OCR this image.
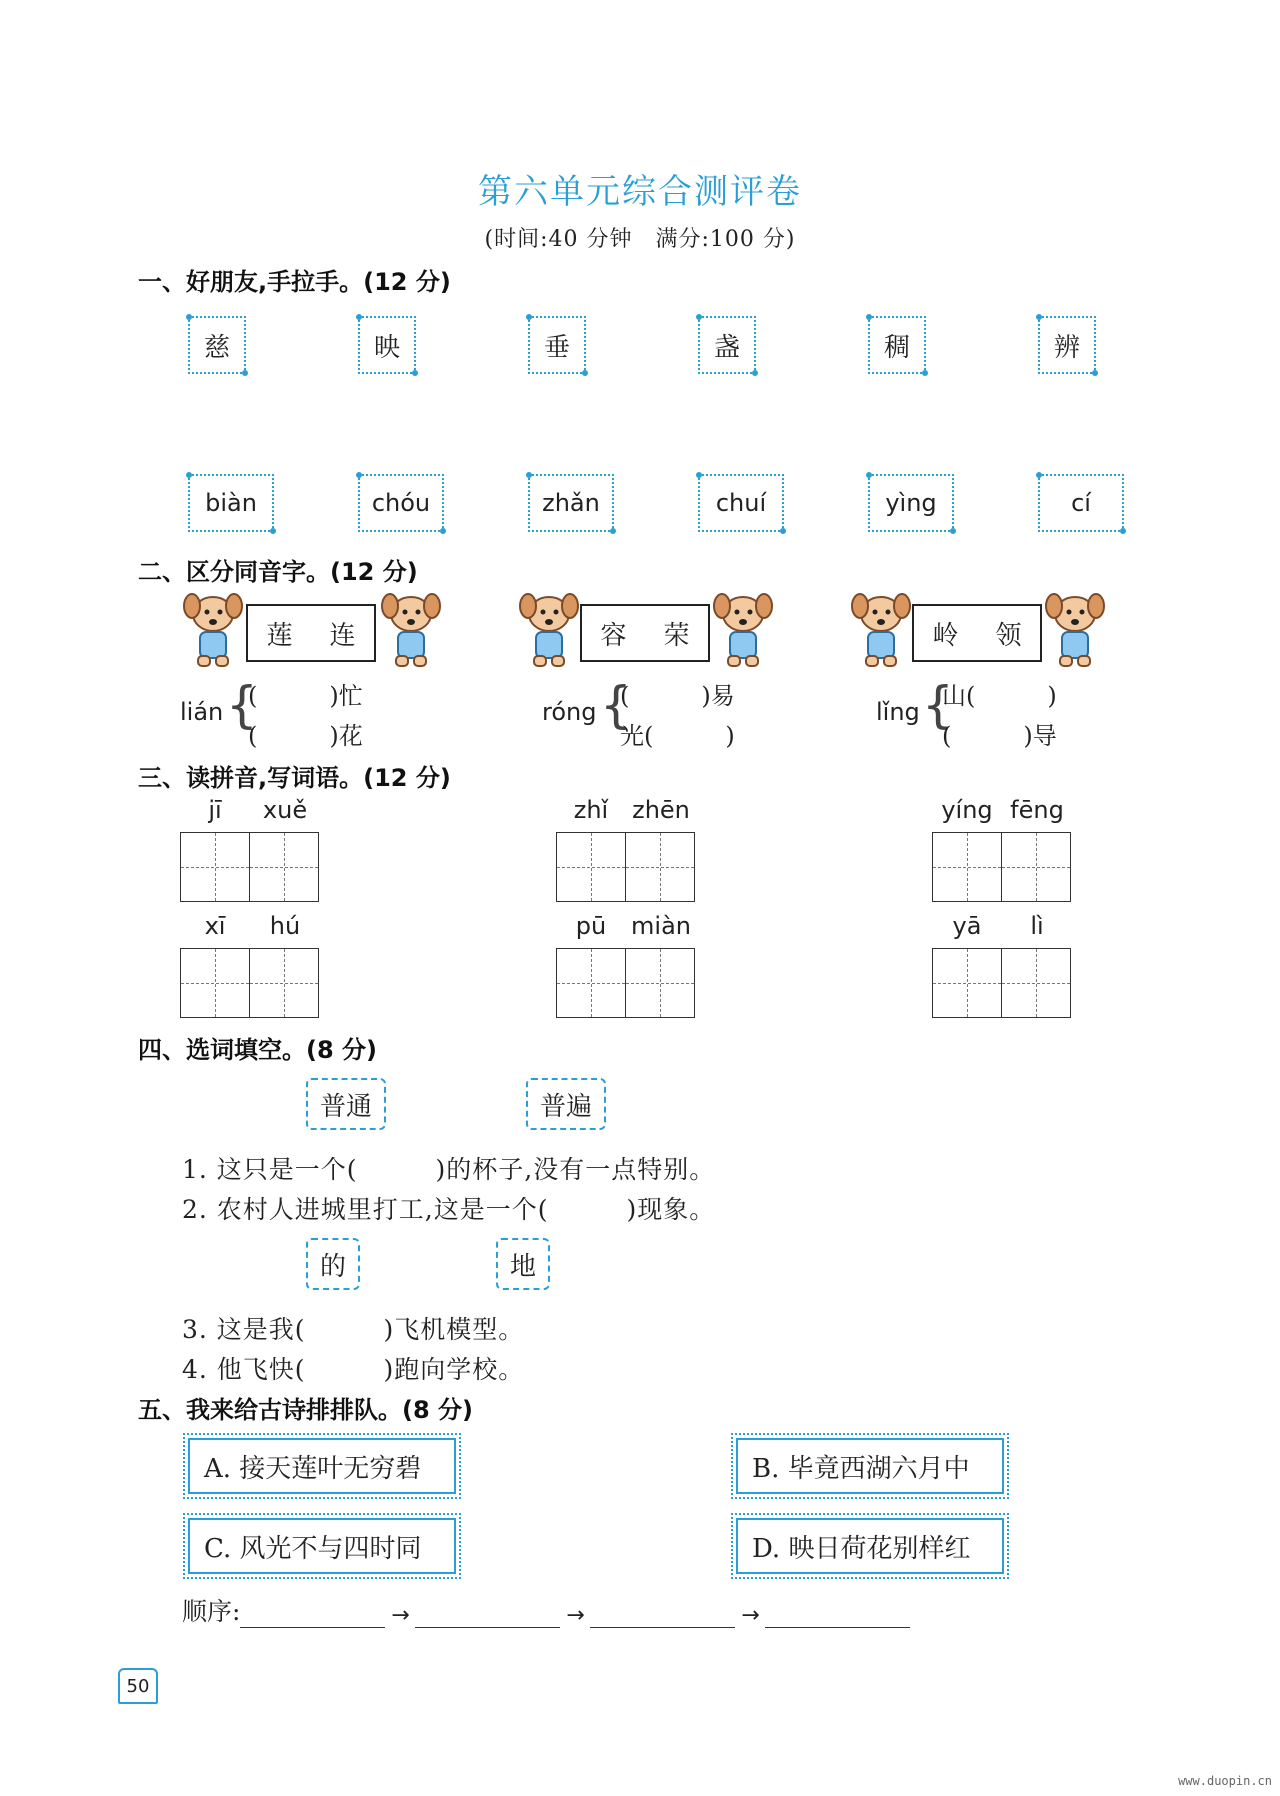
第六单元综合测评卷
(时间:40 分钟　满分:100 分)
一、好朋友,手拉手。(12 分)
慈	映	垂	盏	稠	辨
biàn	chóu	zhǎn	chuí	yìng	cí
二、区分同音字。(12 分)
莲 连
lián {
(　　　)忙
(　　　)花
容 荣
róng {
(　　　)易
光(　　　)
岭 领
lǐng {
山(　　　)
(　　　)导
三、读拼音,写词语。(12 分)
jī xuě	zhǐ zhēn	yíng fēng
xī hú	pū miàn	yā lì
四、选词填空。(8 分)
普通	普遍
1. 这只是一个(　　　)的杯子,没有一点特别。
2. 农村人进城里打工,这是一个(　　　)现象。
的	地
3. 这是我(　　　)飞机模型。
4. 他飞快(　　　)跑向学校。
五、我来给古诗排排队。(8 分)
A. 接天莲叶无穷碧	B. 毕竟西湖六月中
C. 风光不与四时同	D. 映日荷花别样红
顺序:	→	→	→
50
www.duopin.cn
